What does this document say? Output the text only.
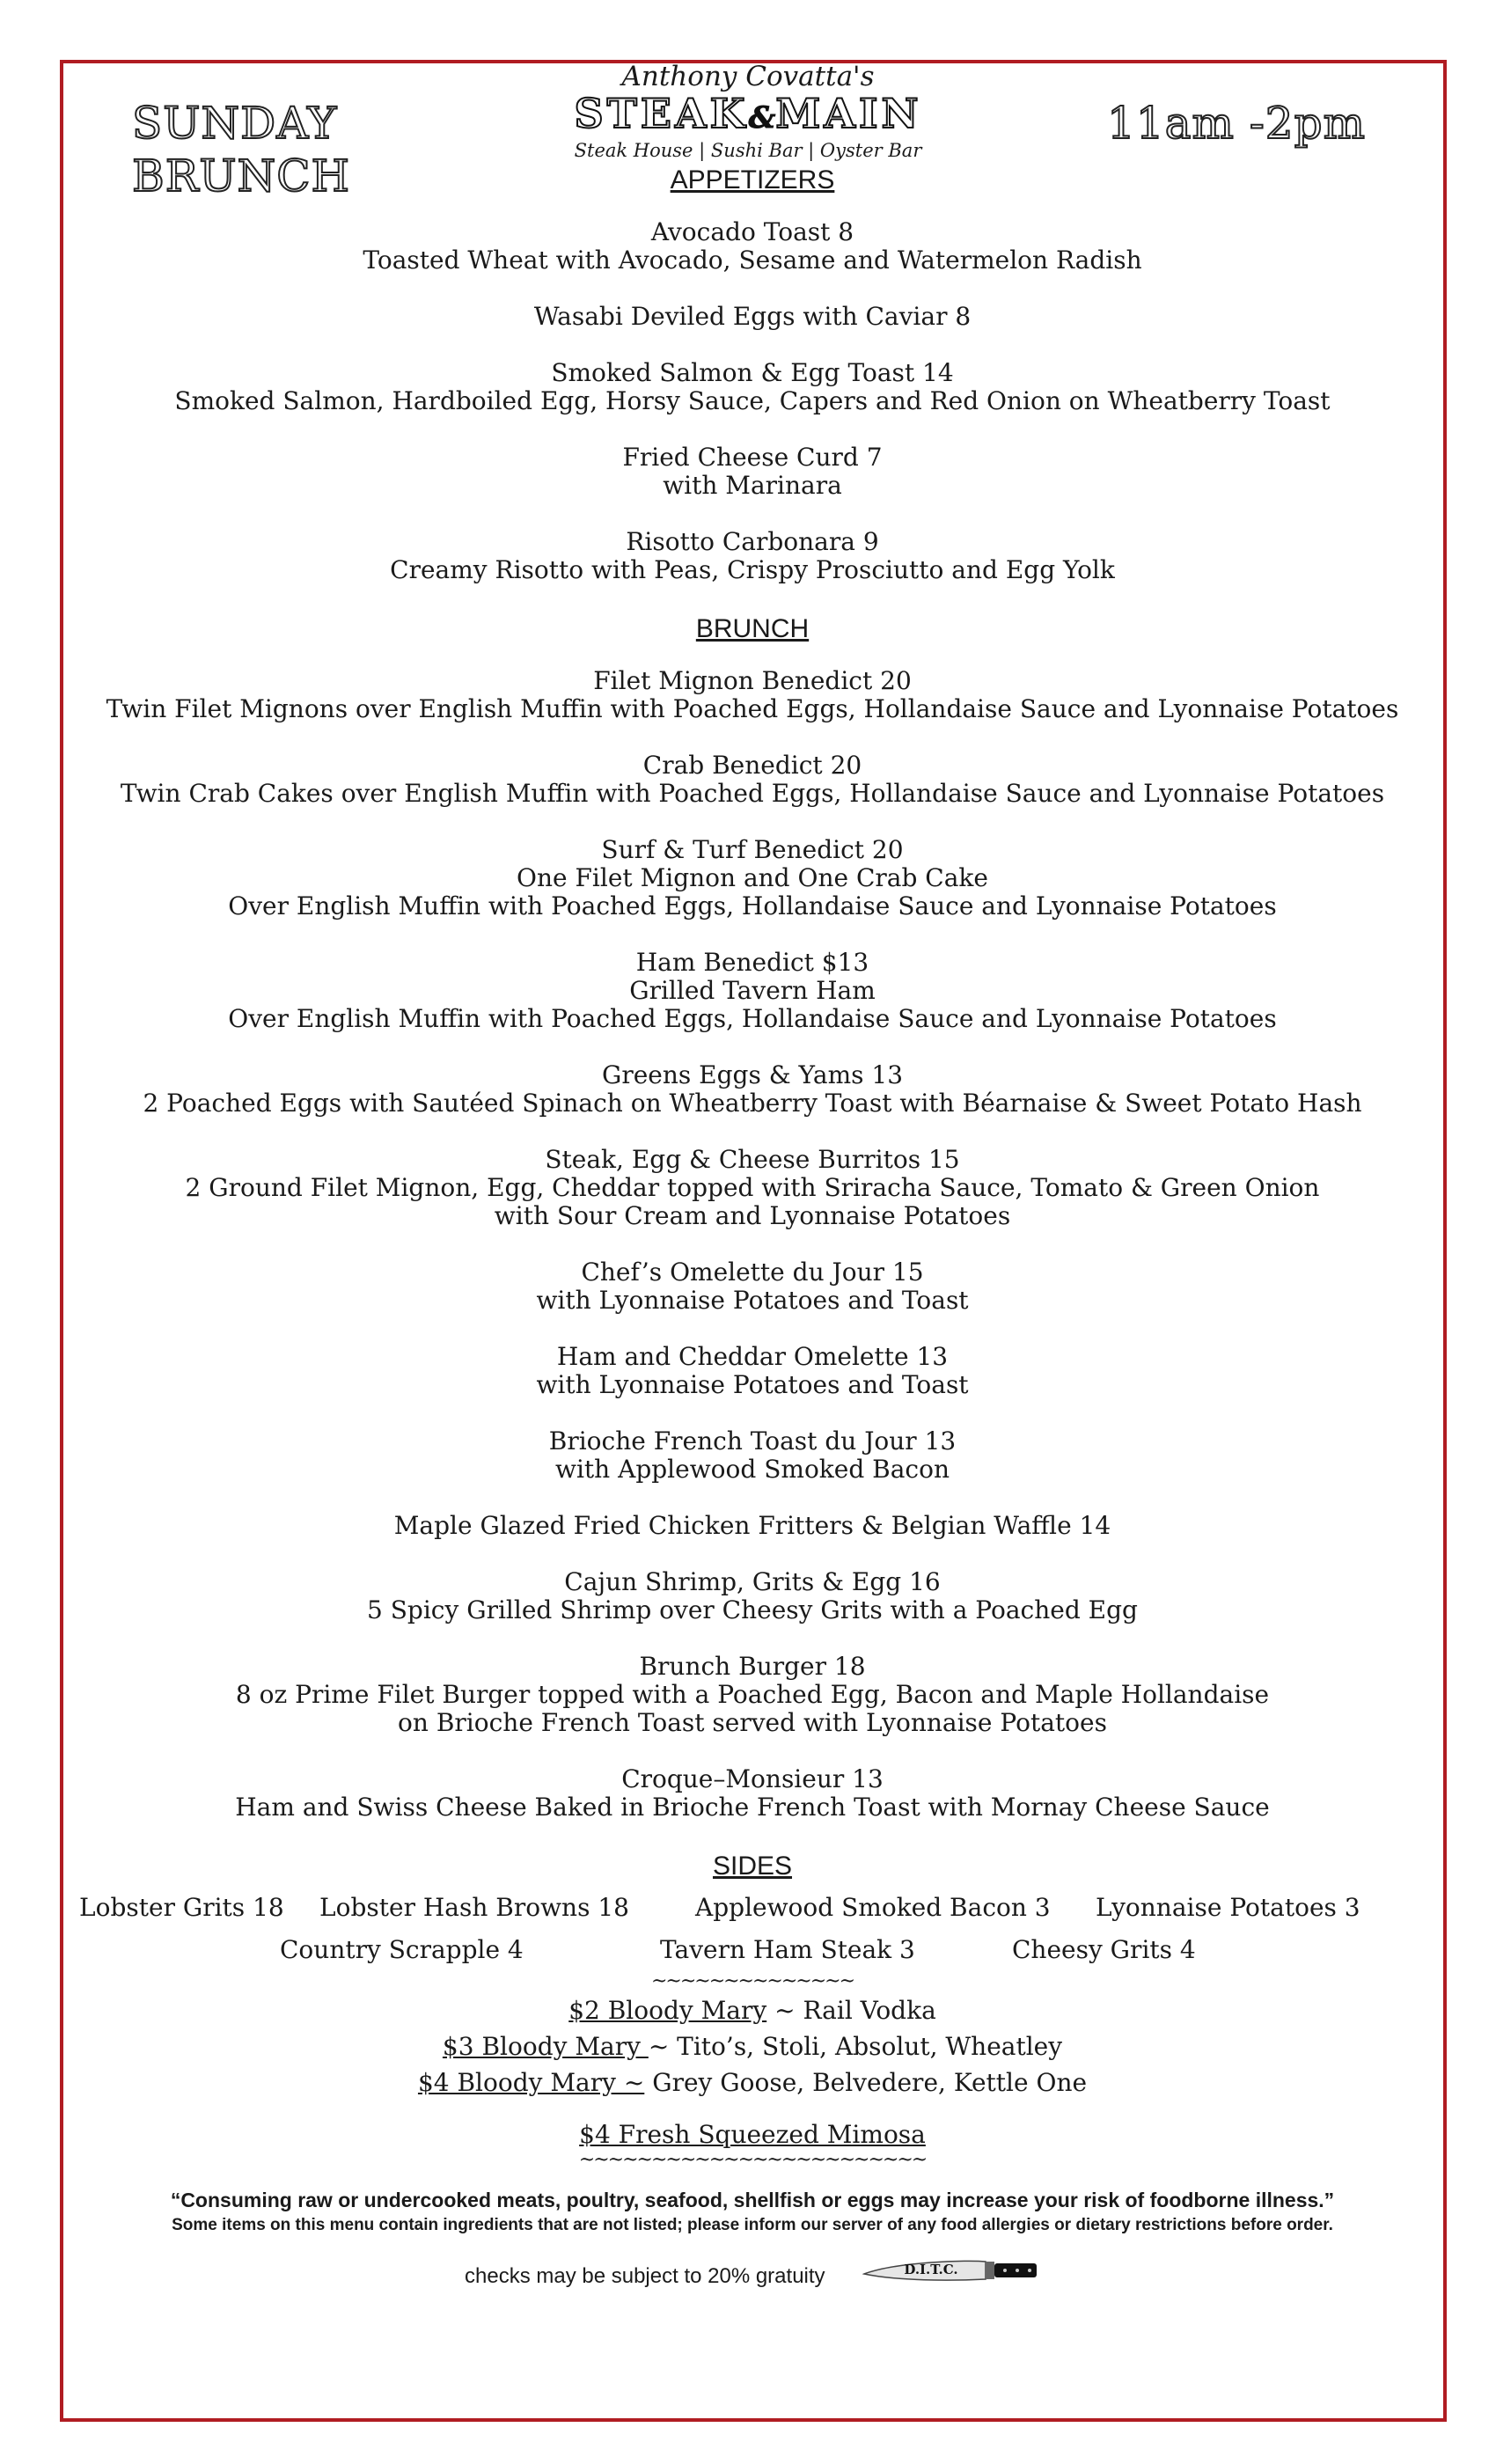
SUNDAY
BRUNCH
11am -2pm
Anthony Covatta's
STEAK&MAIN
Steak House | Sushi Bar | Oyster Bar
APPETIZERS
Avocado Toast 8
Toasted Wheat with Avocado, Sesame and Watermelon Radish
Wasabi Deviled Eggs with Caviar 8
Smoked Salmon & Egg Toast 14
Smoked Salmon, Hardboiled Egg, Horsy Sauce, Capers and Red Onion on Wheatberry Toast
Fried Cheese Curd 7
with Marinara
Risotto Carbonara 9
Creamy Risotto with Peas, Crispy Prosciutto and Egg Yolk
BRUNCH
Filet Mignon Benedict 20
Twin Filet Mignons over English Muffin with Poached Eggs, Hollandaise Sauce and Lyonnaise Potatoes
Crab Benedict 20
Twin Crab Cakes over English Muffin with Poached Eggs, Hollandaise Sauce and Lyonnaise Potatoes
Surf & Turf Benedict 20
One Filet Mignon and One Crab Cake
Over English Muffin with Poached Eggs, Hollandaise Sauce and Lyonnaise Potatoes
Ham Benedict $13
Grilled Tavern Ham
Over English Muffin with Poached Eggs, Hollandaise Sauce and Lyonnaise Potatoes
Greens Eggs & Yams 13
2 Poached Eggs with Sautéed Spinach on Wheatberry Toast with Béarnaise & Sweet Potato Hash
Steak, Egg & Cheese Burritos 15
2 Ground Filet Mignon, Egg, Cheddar topped with Sriracha Sauce, Tomato & Green Onion
with Sour Cream and Lyonnaise Potatoes
Chef’s Omelette du Jour 15
with Lyonnaise Potatoes and Toast
Ham and Cheddar Omelette 13
with Lyonnaise Potatoes and Toast
Brioche French Toast du Jour 13
with Applewood Smoked Bacon
Maple Glazed Fried Chicken Fritters & Belgian Waffle 14
Cajun Shrimp, Grits & Egg 16
5 Spicy Grilled Shrimp over Cheesy Grits with a Poached Egg
Brunch Burger 18
8 oz Prime Filet Burger topped with a Poached Egg, Bacon and Maple Hollandaise
on Brioche French Toast served with Lyonnaise Potatoes
Croque–Monsieur 13
Ham and Swiss Cheese Baked in Brioche French Toast with Mornay Cheese Sauce
SIDES
Lobster Grits 18 Lobster Hash Browns 18	Applewood Smoked Bacon 3 Lyonnaise Potatoes 3
Country Scrapple 4	Tavern Ham Steak 3	Cheesy Grits 4
~~~~~~~~~~~~~~
$2 Bloody Mary ~ Rail Vodka
$3 Bloody Mary ~ Tito’s, Stoli, Absolut, Wheatley
$4 Bloody Mary ~ Grey Goose, Belvedere, Kettle One
$4 Fresh Squeezed Mimosa
~~~~~~~~~~~~~~~~~~~~~~~~
“Consuming raw or undercooked meats, poultry, seafood, shellfish or eggs may increase your risk of foodborne illness.”
Some items on this menu contain ingredients that are not listed; please inform our server of any food allergies or dietary restrictions before order.
checks may be subject to 20% gratuity	D.I.T.C.
